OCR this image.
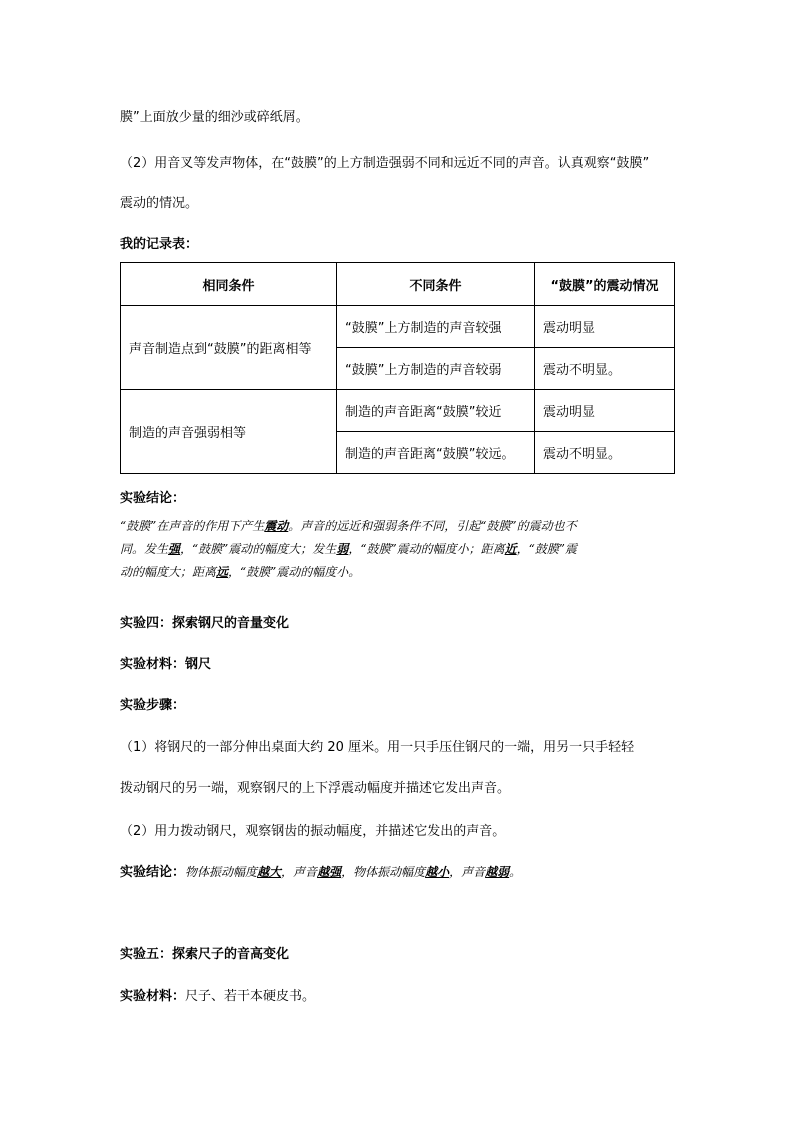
膜”上面放少量的细沙或碎纸屑。
（2）用音叉等发声物体，在“鼓膜”的上方制造强弱不同和远近不同的声音。认真观察“鼓膜”
震动的情况。
我的记录表：
相同条件	不同条件	“鼓膜”的震动情况
声音制造点到“鼓膜”的距离相等	“鼓膜”上方制造的声音较强	震动明显
	“鼓膜”上方制造的声音较弱	震动不明显。
制造的声音强弱相等	制造的声音距离“鼓膜”较近	震动明显
	制造的声音距离“鼓膜”较远。	震动不明显。
实验结论：
“鼓膜”在声音的作用下产生震动。声音的远近和强弱条件不同，引起“鼓膜”的震动也不
同。发生强，“鼓膜”震动的幅度大；发生弱，“鼓膜”震动的幅度小；距离近，“鼓膜”震
动的幅度大；距离远，“鼓膜”震动的幅度小。
实验四：探索钢尺的音量变化
实验材料：钢尺
实验步骤：
（1）将钢尺的一部分伸出桌面大约 20 厘米。用一只手压住钢尺的一端，用另一只手轻轻
拨动钢尺的另一端，观察钢尺的上下浮震动幅度并描述它发出声音。
（2）用力拨动钢尺，观察钢齿的振动幅度，并描述它发出的声音。
实验结论：物体振动幅度越大，声音越强，物体振动幅度越小，声音越弱。
实验五：探索尺子的音高变化
实验材料：尺子、若干本硬皮书。
